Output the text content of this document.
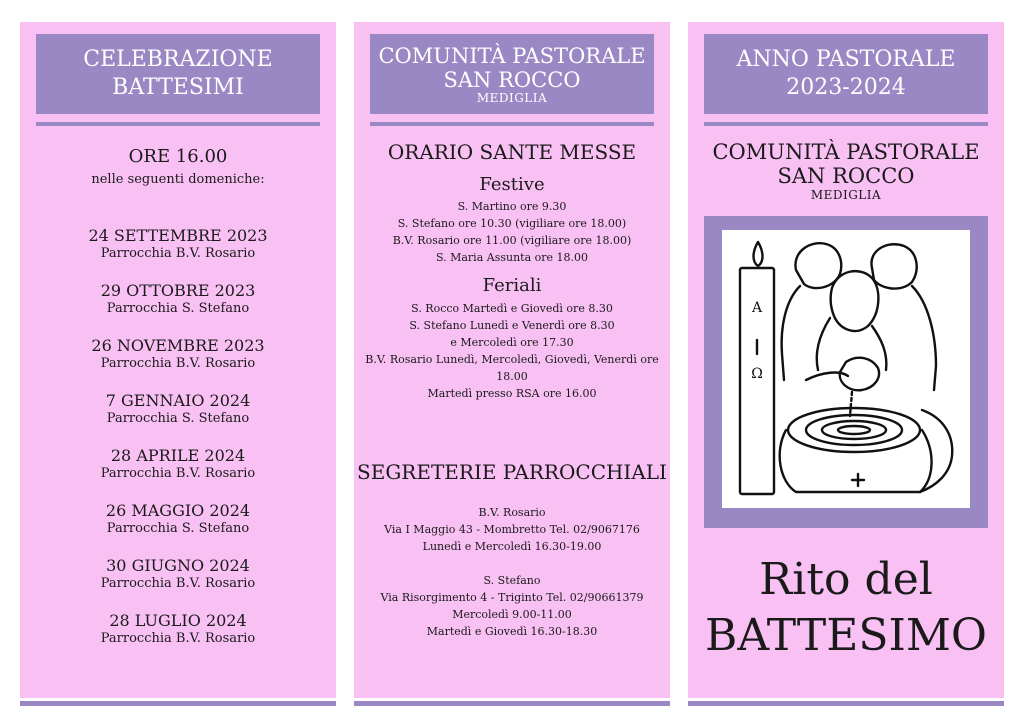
CELEBRAZIONE
BATTESIMI
ORE 16.00
nelle seguenti domeniche:
24 SETTEMBRE 2023
Parrocchia B.V. Rosario
29 OTTOBRE 2023
Parrocchia S. Stefano
26 NOVEMBRE 2023
Parrocchia B.V. Rosario
7 GENNAIO 2024
Parrocchia S. Stefano
28 APRILE 2024
Parrocchia B.V. Rosario
26 MAGGIO 2024
Parrocchia S. Stefano
30 GIUGNO 2024
Parrocchia B.V. Rosario
28 LUGLIO 2024
Parrocchia B.V. Rosario
COMUNITÀ PASTORALE
SAN ROCCO
MEDIGLIA
ORARIO SANTE MESSE
Festive
S. Martino ore 9.30
S. Stefano ore 10.30 (vigiliare ore 18.00)
B.V. Rosario ore 11.00 (vigiliare ore 18.00)
S. Maria Assunta ore 18.00
Feriali
S. Rocco Martedì e Giovedì ore 8.30
S. Stefano Lunedì e Venerdì ore 8.30
e Mercoledì ore 17.30
B.V. Rosario Lunedì, Mercoledì, Giovedì, Venerdì ore 18.00
Martedì presso RSA ore 16.00
SEGRETERIE PARROCCHIALI
B.V. Rosario
Via I Maggio 43 - Mombretto Tel. 02/9067176
Lunedì e Mercoledì 16.30-19.00
S. Stefano
Via Risorgimento 4 - Triginto Tel. 02/90661379
Mercoledì 9.00-11.00
Martedì e Giovedì 16.30-18.30
ANNO PASTORALE
2023-2024
COMUNITÀ PASTORALE
SAN ROCCO
MEDIGLIA
A
Ω
Rito del
BATTESIMO
